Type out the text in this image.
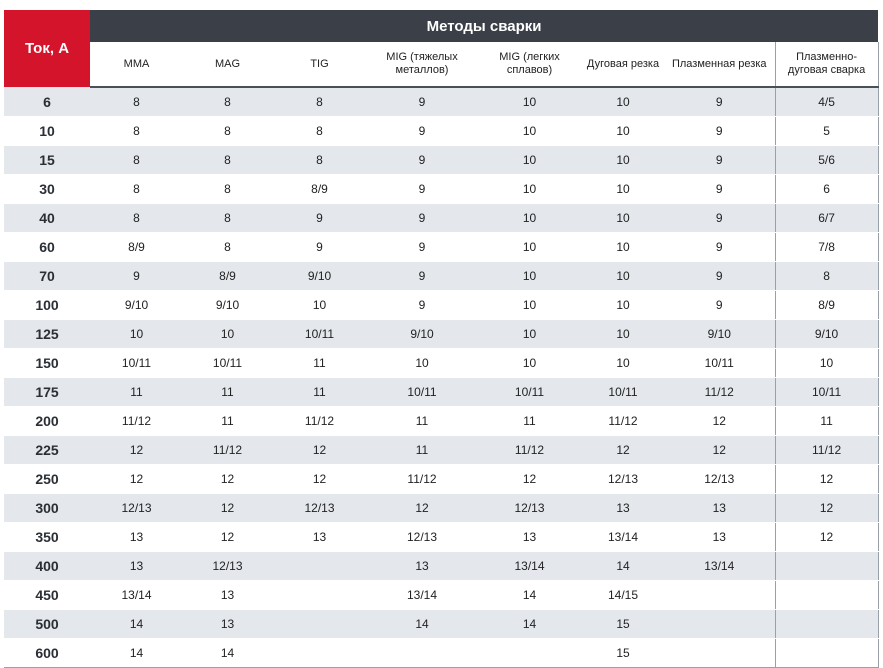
Ток, А	Методы сварки							
	MMA	MAG	TIG	MIG (тяжелых металлов)	MIG (легких сплавов)	Дуговая резка	Плазменная резка	Плазменно-дуговая сварка
6	8	8	8	9	10	10	9	4/5
10	8	8	8	9	10	10	9	5
15	8	8	8	9	10	10	9	5/6
30	8	8	8/9	9	10	10	9	6
40	8	8	9	9	10	10	9	6/7
60	8/9	8	9	9	10	10	9	7/8
70	9	8/9	9/10	9	10	10	9	8
100	9/10	9/10	10	9	10	10	9	8/9
125	10	10	10/11	9/10	10	10	9/10	9/10
150	10/11	10/11	11	10	10	10	10/11	10
175	11	11	11	10/11	10/11	10/11	11/12	10/11
200	11/12	11	11/12	11	11	11/12	12	11
225	12	11/12	12	11	11/12	12	12	11/12
250	12	12	12	11/12	12	12/13	12/13	12
300	12/13	12	12/13	12	12/13	13	13	12
350	13	12	13	12/13	13	13/14	13	12
400	13	12/13		13	13/14	14	13/14	
450	13/14	13		13/14	14	14/15		
500	14	13		14	14	15		
600	14	14				15		
